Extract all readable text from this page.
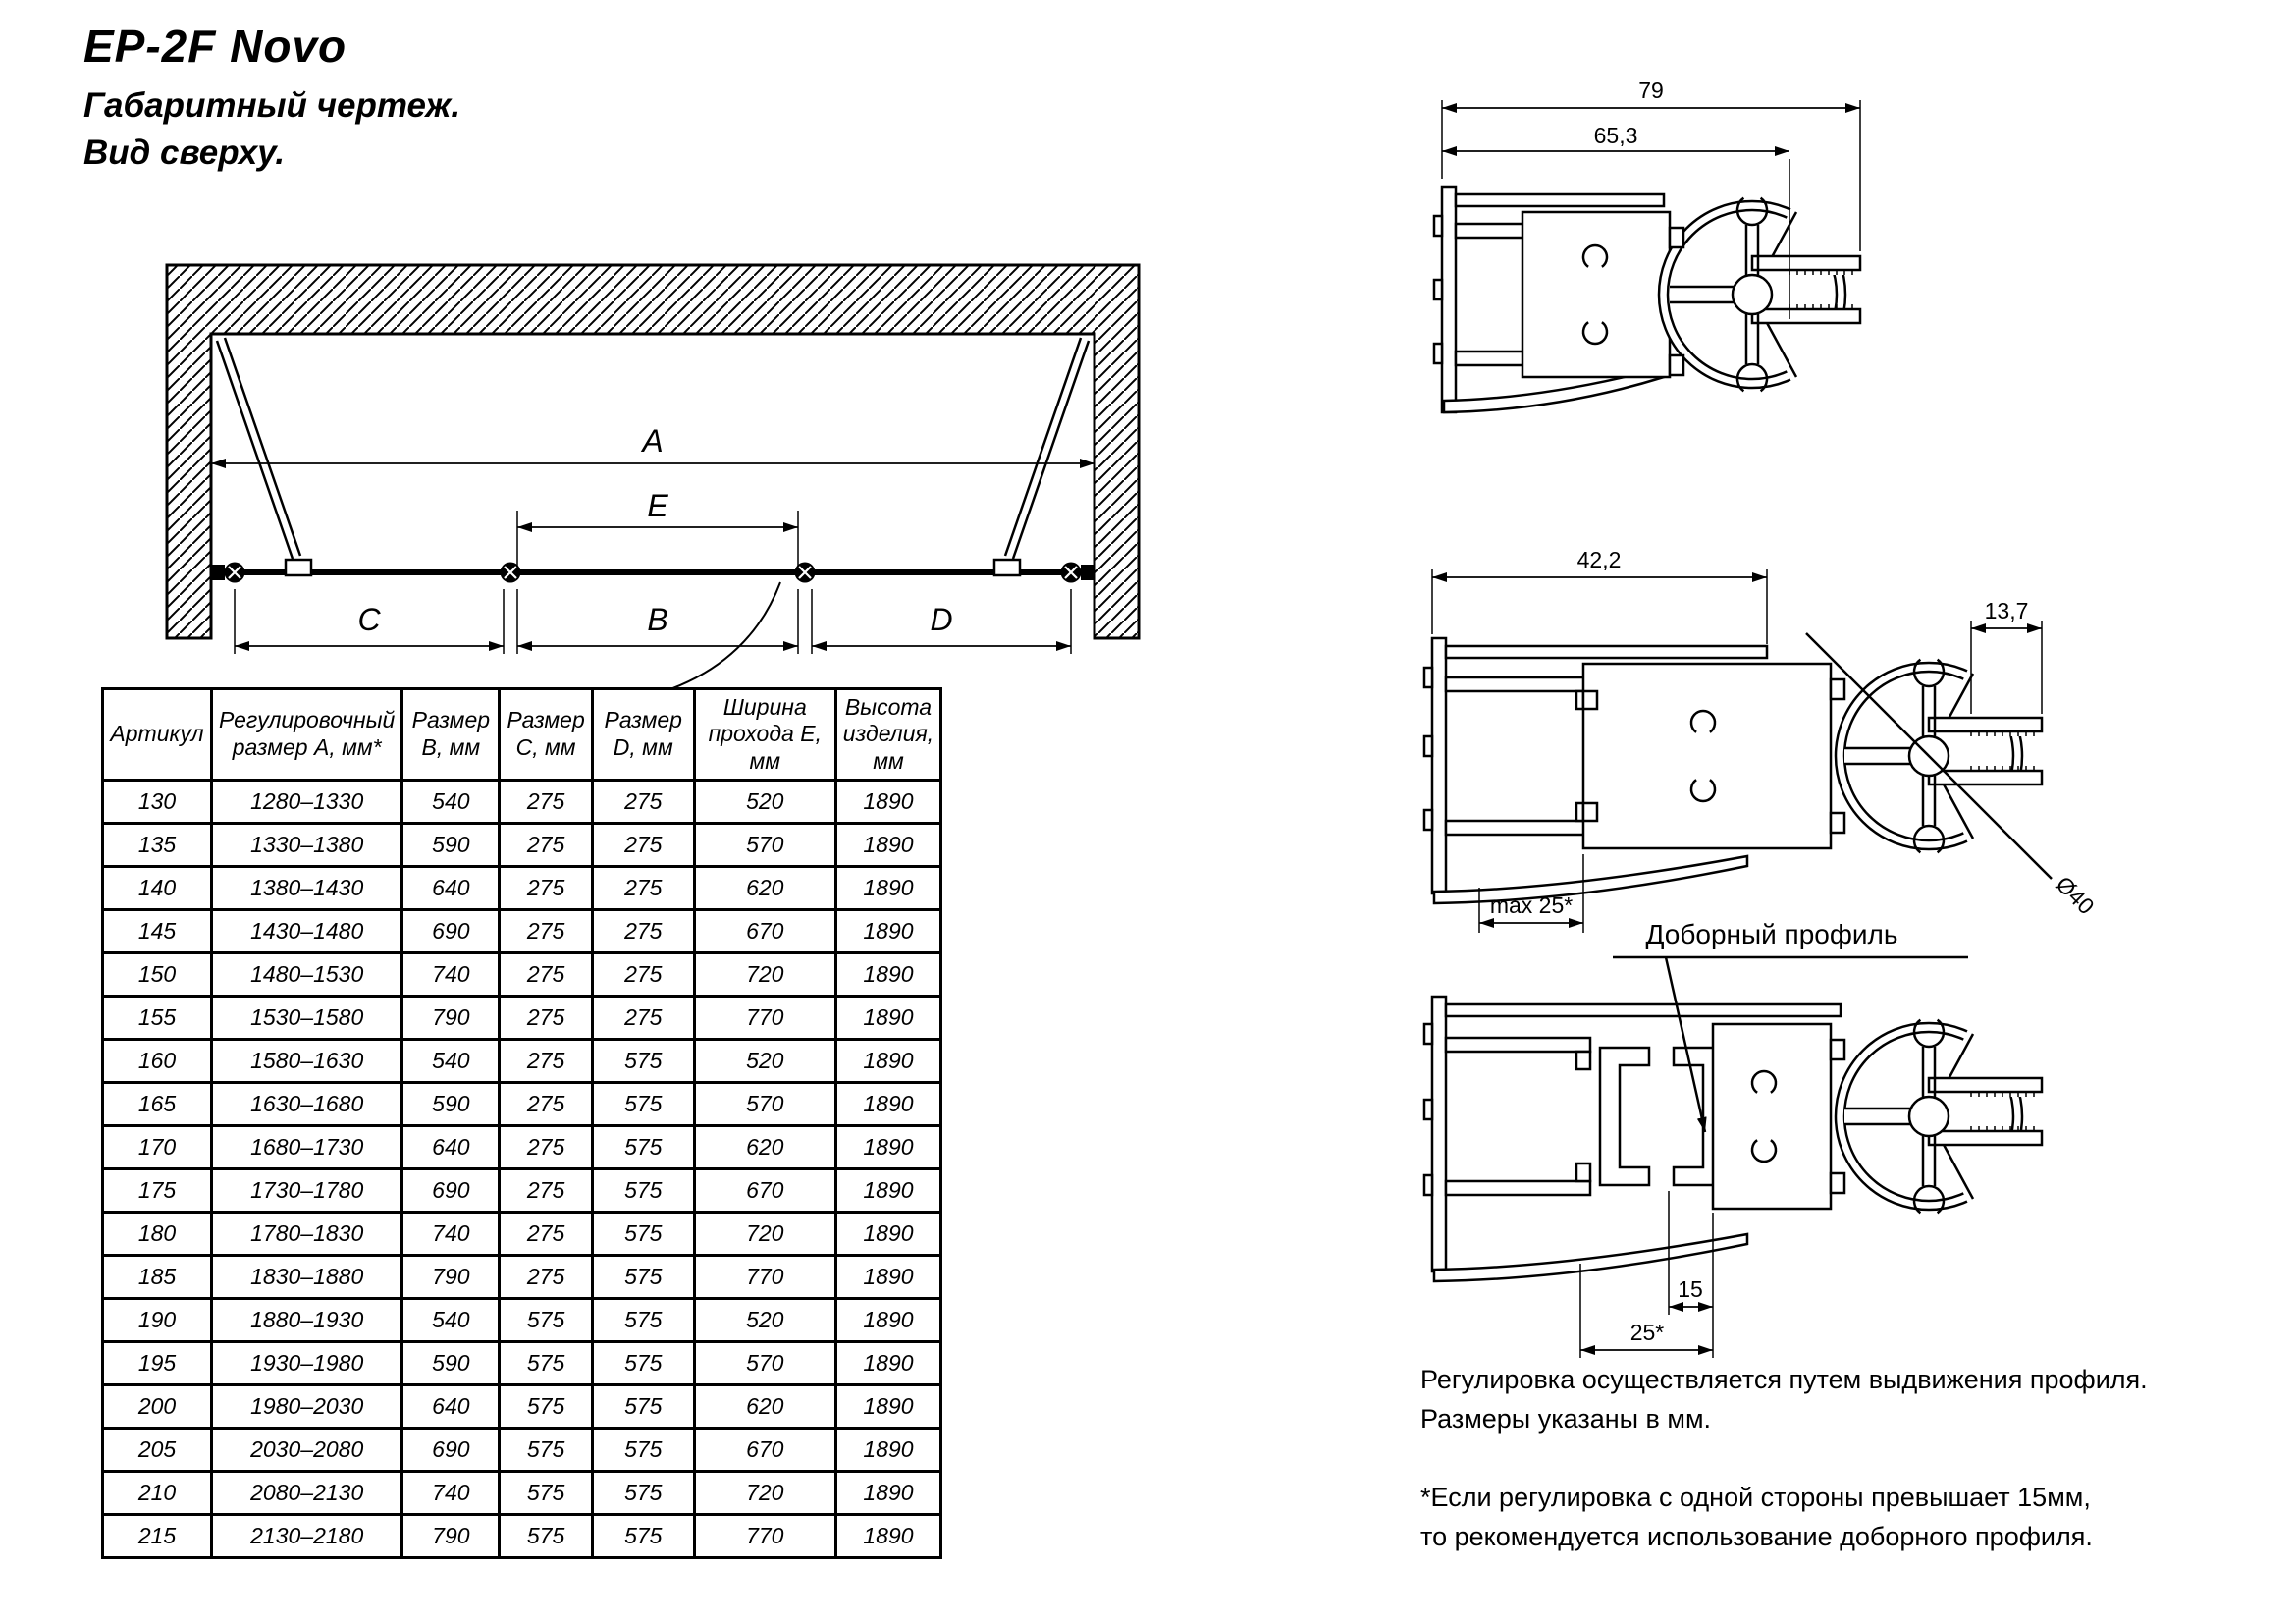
EP-2F Novo
Габаритный чертеж.
Вид сверху.
A
E
C	B	D
Артикул	Регулировочный размер А, мм*	Размер В, мм	Размер С, мм	Размер D, мм	Ширина прохода Е, мм	Высота изделия, мм
130	1280–1330	540	275	275	520	1890
135	1330–1380	590	275	275	570	1890
140	1380–1430	640	275	275	620	1890
145	1430–1480	690	275	275	670	1890
150	1480–1530	740	275	275	720	1890
155	1530–1580	790	275	275	770	1890
160	1580–1630	540	275	575	520	1890
165	1630–1680	590	275	575	570	1890
170	1680–1730	640	275	575	620	1890
175	1730–1780	690	275	575	670	1890
180	1780–1830	740	275	575	720	1890
185	1830–1880	790	275	575	770	1890
190	1880–1930	540	575	575	520	1890
195	1930–1980	590	575	575	570	1890
200	1980–2030	640	575	575	620	1890
205	2030–2080	690	575	575	670	1890
210	2080–2130	740	575	575	720	1890
215	2130–2180	790	575	575	770	1890
79
65,3
42,2
13,7
max 25*	Ø40
Доборный профиль
15
25*
Регулировка осуществляется путем выдвижения профиля.
Размеры указаны в мм.
*Если регулировка с одной стороны превышает 15мм,
то рекомендуется использование доборного профиля.
